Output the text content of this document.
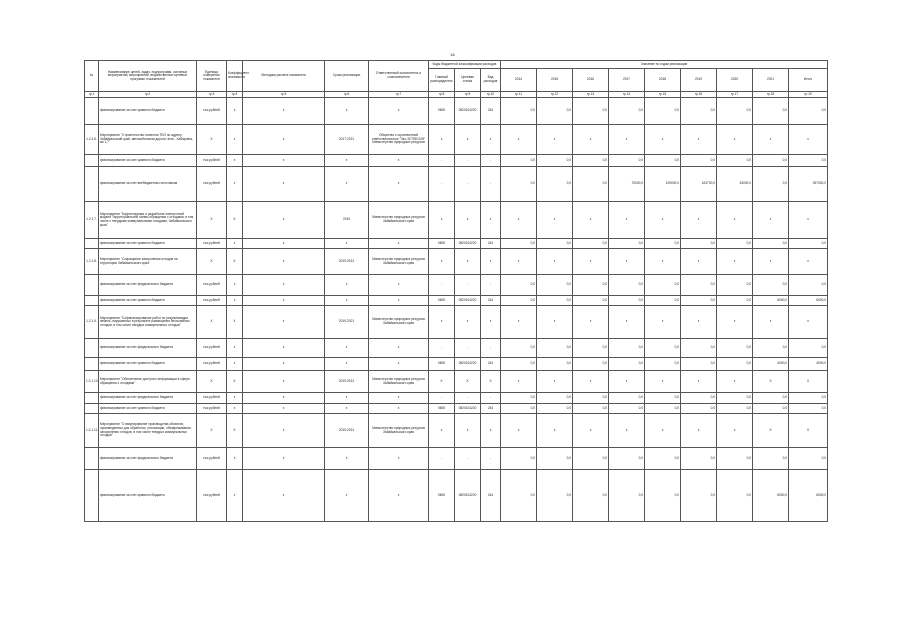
16
№	Наименование целей, задач, подпрограмм, основных мероприятий, мероприятий, ведомственных целевых программ, показателей	Единица измерения показателя	Коэффициент значимости	Методика расчета показателя	Сроки реализации	Ответственный исполнитель и соисполнители	Коды бюджетной классификации расходов			Значение по годам реализации								
							Главный распорядитель	Целевая статья	Вид расходов	2014	2015	2016	2017	2018	2019	2020	2021	Итого
гр.1	гр.2	гр.3	гр.4	гр.5	гр.6	гр.7	гр.8	гр.9	гр.10	гр.11	гр.12	гр.13	гр.14	гр.15	гр.16	гр.17	гр.18	гр.19
	финансирование за счет краевого бюджета	тыс.рублей	х	х	х	х	0605	0820104220	244	0,0	0,0	0,0	0,0	0,0	0,0	0,0	0,0	0,0
1.2.1.6.	Мероприятие "Строительство полигона ТБО по адресу: Забайкальский край, автомобильная дорога Чита - Хабаровск, км 1,7"	Х	х	х	2017-2021	Общество с ограниченной ответственностью "Эко-ЗСТЛЕСИН" Министерство природных ресурсов	х	х	х	х	х	х	х	х	х	х	х	х
	финансирование за счет краевого бюджета	тыс.рублей	х	х	х	х	-	-	-	0,0	0,0	0,0	0,0	0,0	0,0	0,0	0,0	0,0
	финансирование за счет внебюджетных источников	тыс.рублей	х	х	х	х	-	-	-	0,0	0,0	0,0	70000,0	109000,0	424700,0	34000,0	0,0	397300,0
1.2.1.7.	Мероприятие "Корректировка и разработка электронной модели Территориальной схемы обращения с отходами, в том числе с твердыми коммунальными отходами, Забайкальского края"	Х	Х	х	2019	Министерство природных ресурсов Забайкальского края	х	х	х	х	х	х	х	х	х	х	х	х
	финансирование за счет краевого бюджета	тыс.рублей	х	х	х	х	0605	0820104220	244	0,0	0,0	0,0	0,0	0,0	0,0	0,0	0,0	0,0
1.2.1.8.	Мероприятие "Сокращение захоронения отходов на территории Забайкальского края"	Х	Х	х	2019-2021	Министерство природных ресурсов Забайкальского края	х	х	х	х	х	х	х	х	х	х	х	х
	финансирование за счет федерального бюджета	тыс.рублей	х	х	х	х	-	-	-	0,0	0,0	0,0	0,0	0,0	0,0	0,0	0,0	0,0
	финансирование за счет краевого бюджета	тыс.рублей	х	х	х	х	0605	0820104220	244	0,0	0,0	0,0	0,0	0,0	0,0	0,0	6000,0	6000,0
1.2.1.9.	Мероприятие "Софинансирование работ по рекультивации земель, нарушенных в результате размещения бесхозяйных отходов, в том числе твердых коммунальных отходов"	Х	Х	х	2019-2021	Министерство природных ресурсов Забайкальского края	х	х	х	х	х	х	х	х	х	х	х	х
	финансирование за счет федерального бюджета	тыс.рублей	х	х	х	х	-	-	-	0,0	0,0	0,0	0,0	0,0	0,0	0,0	0,0	0,0
	финансирование за счет краевого бюджета	тыс.рублей	х	х	х	х	0605	0820104220	244	0,0	0,0	0,0	0,0	0,0	0,0	0,0	4000,0	4000,0
1.2.1.10.	Мероприятие "Обеспечение доступа к информации в сфере обращения с отходами"	Х	Х	х	2019-2021	Министерство природных ресурсов Забайкальского края	Х	Х	Х	х	х	х	х	х	х	х	Х	Х
	финансирование за счет федерального бюджета	тыс.рублей	х	х	х	х	-	-	-	0,0	0,0	0,0	0,0	0,0	0,0	0,0	0,0	0,0
	финансирование за счет краевого бюджета	тыс.рублей	х	х	х	х	0605	0820104220	244	0,0	0,0	0,0	0,0	0,0	0,0	0,0	0,0	0,0
1.2.1.11.	Мероприятие "Стимулирование производства объектов, произведенных для обработки, утилизации, обезвреживания, захоронения отходов, в том числе твердых коммунальных отходов"	Х	Х	х	2019-2021	Министерство природных ресурсов Забайкальского края	х	х	х	х	х	х	х	х	х	х	Х	Х
	финансирование за счет федерального бюджета	тыс.рублей	х	х	х	х	-	-	-	0,0	0,0	0,0	0,0	0,0	0,0	0,0	0,0	0,0
	финансирование за счет краевого бюджета	тыс.рублей	х	х	х	х	0605	0820104220	244	0,0	0,0	0,0	0,0	0,0	0,0	0,0	6000,0	6000,0
